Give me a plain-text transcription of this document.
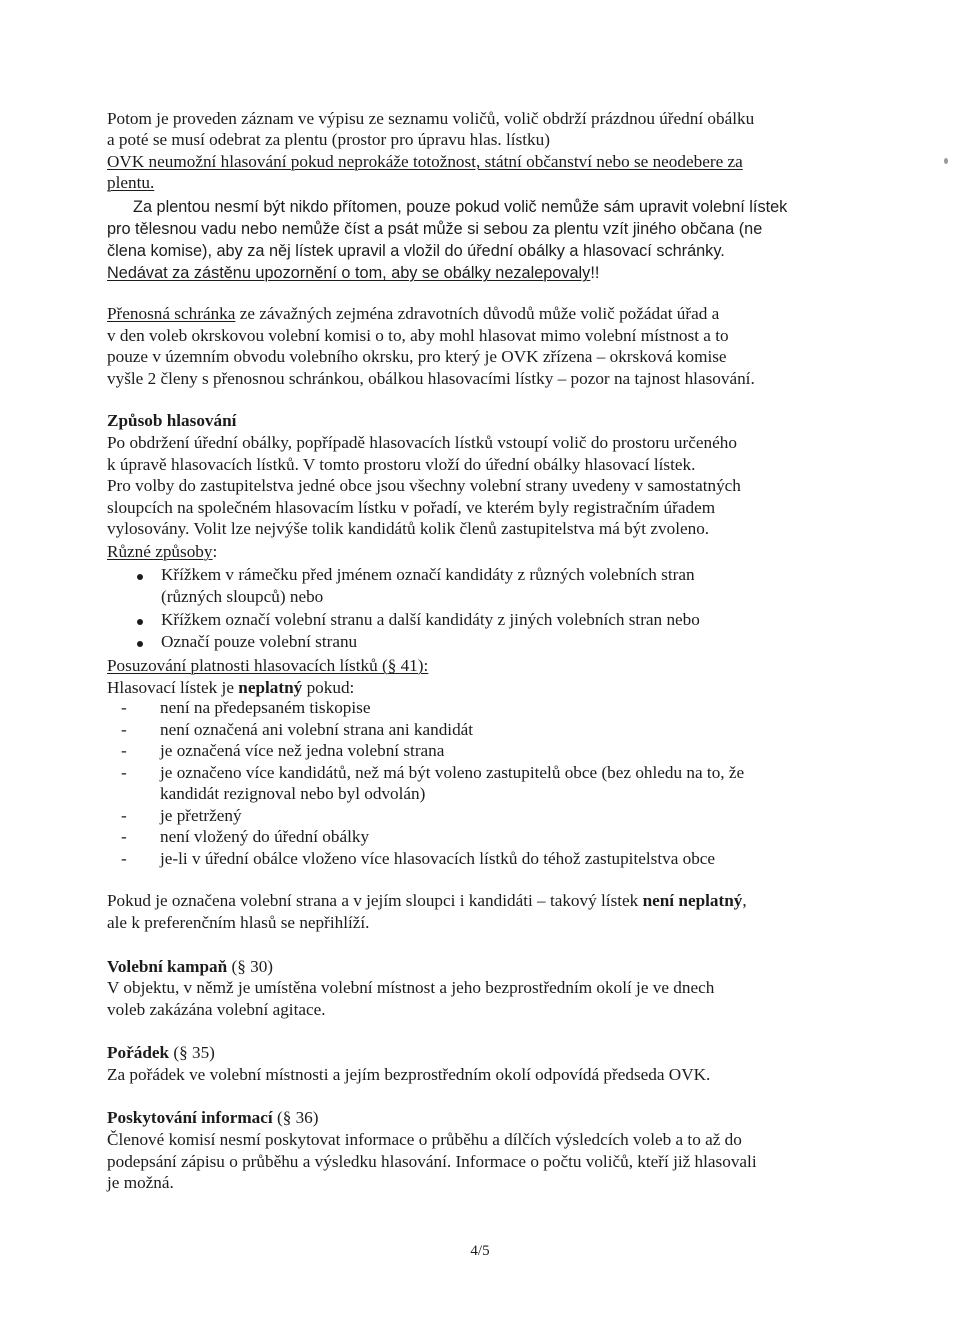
Potom je proveden záznam ve výpisu ze seznamu voličů, volič obdrží prázdnou úřední obálku
a poté se musí odebrat za plentu (prostor pro úpravu hlas. lístku)
OVK neumožní hlasování pokud neprokáže totožnost, státní občanství nebo se neodebere za
plentu.
Za plentou nesmí být nikdo přítomen, pouze pokud volič nemůže sám upravit volební lístek
pro tělesnou vadu nebo nemůže číst a psát může si sebou za plentu vzít jiného občana (ne
člena komise), aby za něj lístek upravil a vložil do úřední obálky a hlasovací schránky.
Nedávat za zástěnu upozornění o tom, aby se obálky nezalepovaly!!
Přenosná schránka ze závažných zejména zdravotních důvodů může volič požádat úřad a
v den voleb okrskovou volební komisi o to, aby mohl hlasovat mimo volební místnost a to
pouze v územním obvodu volebního okrsku, pro který je OVK zřízena – okrsková komise
vyšle 2 členy s přenosnou schránkou, obálkou hlasovacími lístky – pozor na tajnost hlasování.
Způsob hlasování
Po obdržení úřední obálky, popřípadě hlasovacích lístků vstoupí volič do prostoru určeného
k úpravě hlasovacích lístků. V tomto prostoru vloží do úřední obálky hlasovací lístek.
Pro volby do zastupitelstva jedné obce jsou všechny volební strany uvedeny v samostatných
sloupcích na společném hlasovacím lístku v pořadí, ve kterém byly registračním úřadem
vylosovány. Volit lze nejvýše tolik kandidátů kolik členů zastupitelstva má být zvoleno.
Různé způsoby:
Křížkem v rámečku před jménem označí kandidáty z různých volebních stran
(různých sloupců) nebo
Křížkem označí volební stranu a další kandidáty z jiných volebních stran nebo
Označí pouze volební stranu
Posuzování platnosti hlasovacích lístků (§ 41):
Hlasovací lístek je neplatný pokud:
- není na předepsaném tiskopise
- není označená ani volební strana ani kandidát
- je označená více než jedna volební strana
- je označeno více kandidátů, než má být voleno zastupitelů obce (bez ohledu na to, že
kandidát rezignoval nebo byl odvolán)
- je přetržený
- není vložený do úřední obálky
- je-li v úřední obálce vloženo více hlasovacích lístků do téhož zastupitelstva obce
Pokud je označena volební strana a v jejím sloupci i kandidáti – takový lístek není neplatný,
ale k preferenčním hlasů se nepřihlíží.
Volební kampaň (§ 30)
V objektu, v němž je umístěna volební místnost a jeho bezprostředním okolí je ve dnech
voleb zakázána volební agitace.
Pořádek (§ 35)
Za pořádek ve volební místnosti a jejím bezprostředním okolí odpovídá předseda OVK.
Poskytování informací (§ 36)
Členové komisí nesmí poskytovat informace o průběhu a dílčích výsledcích voleb a to až do
podepsání zápisu o průběhu a výsledku hlasování. Informace o počtu voličů, kteří již hlasovali
je možná.
4/5
